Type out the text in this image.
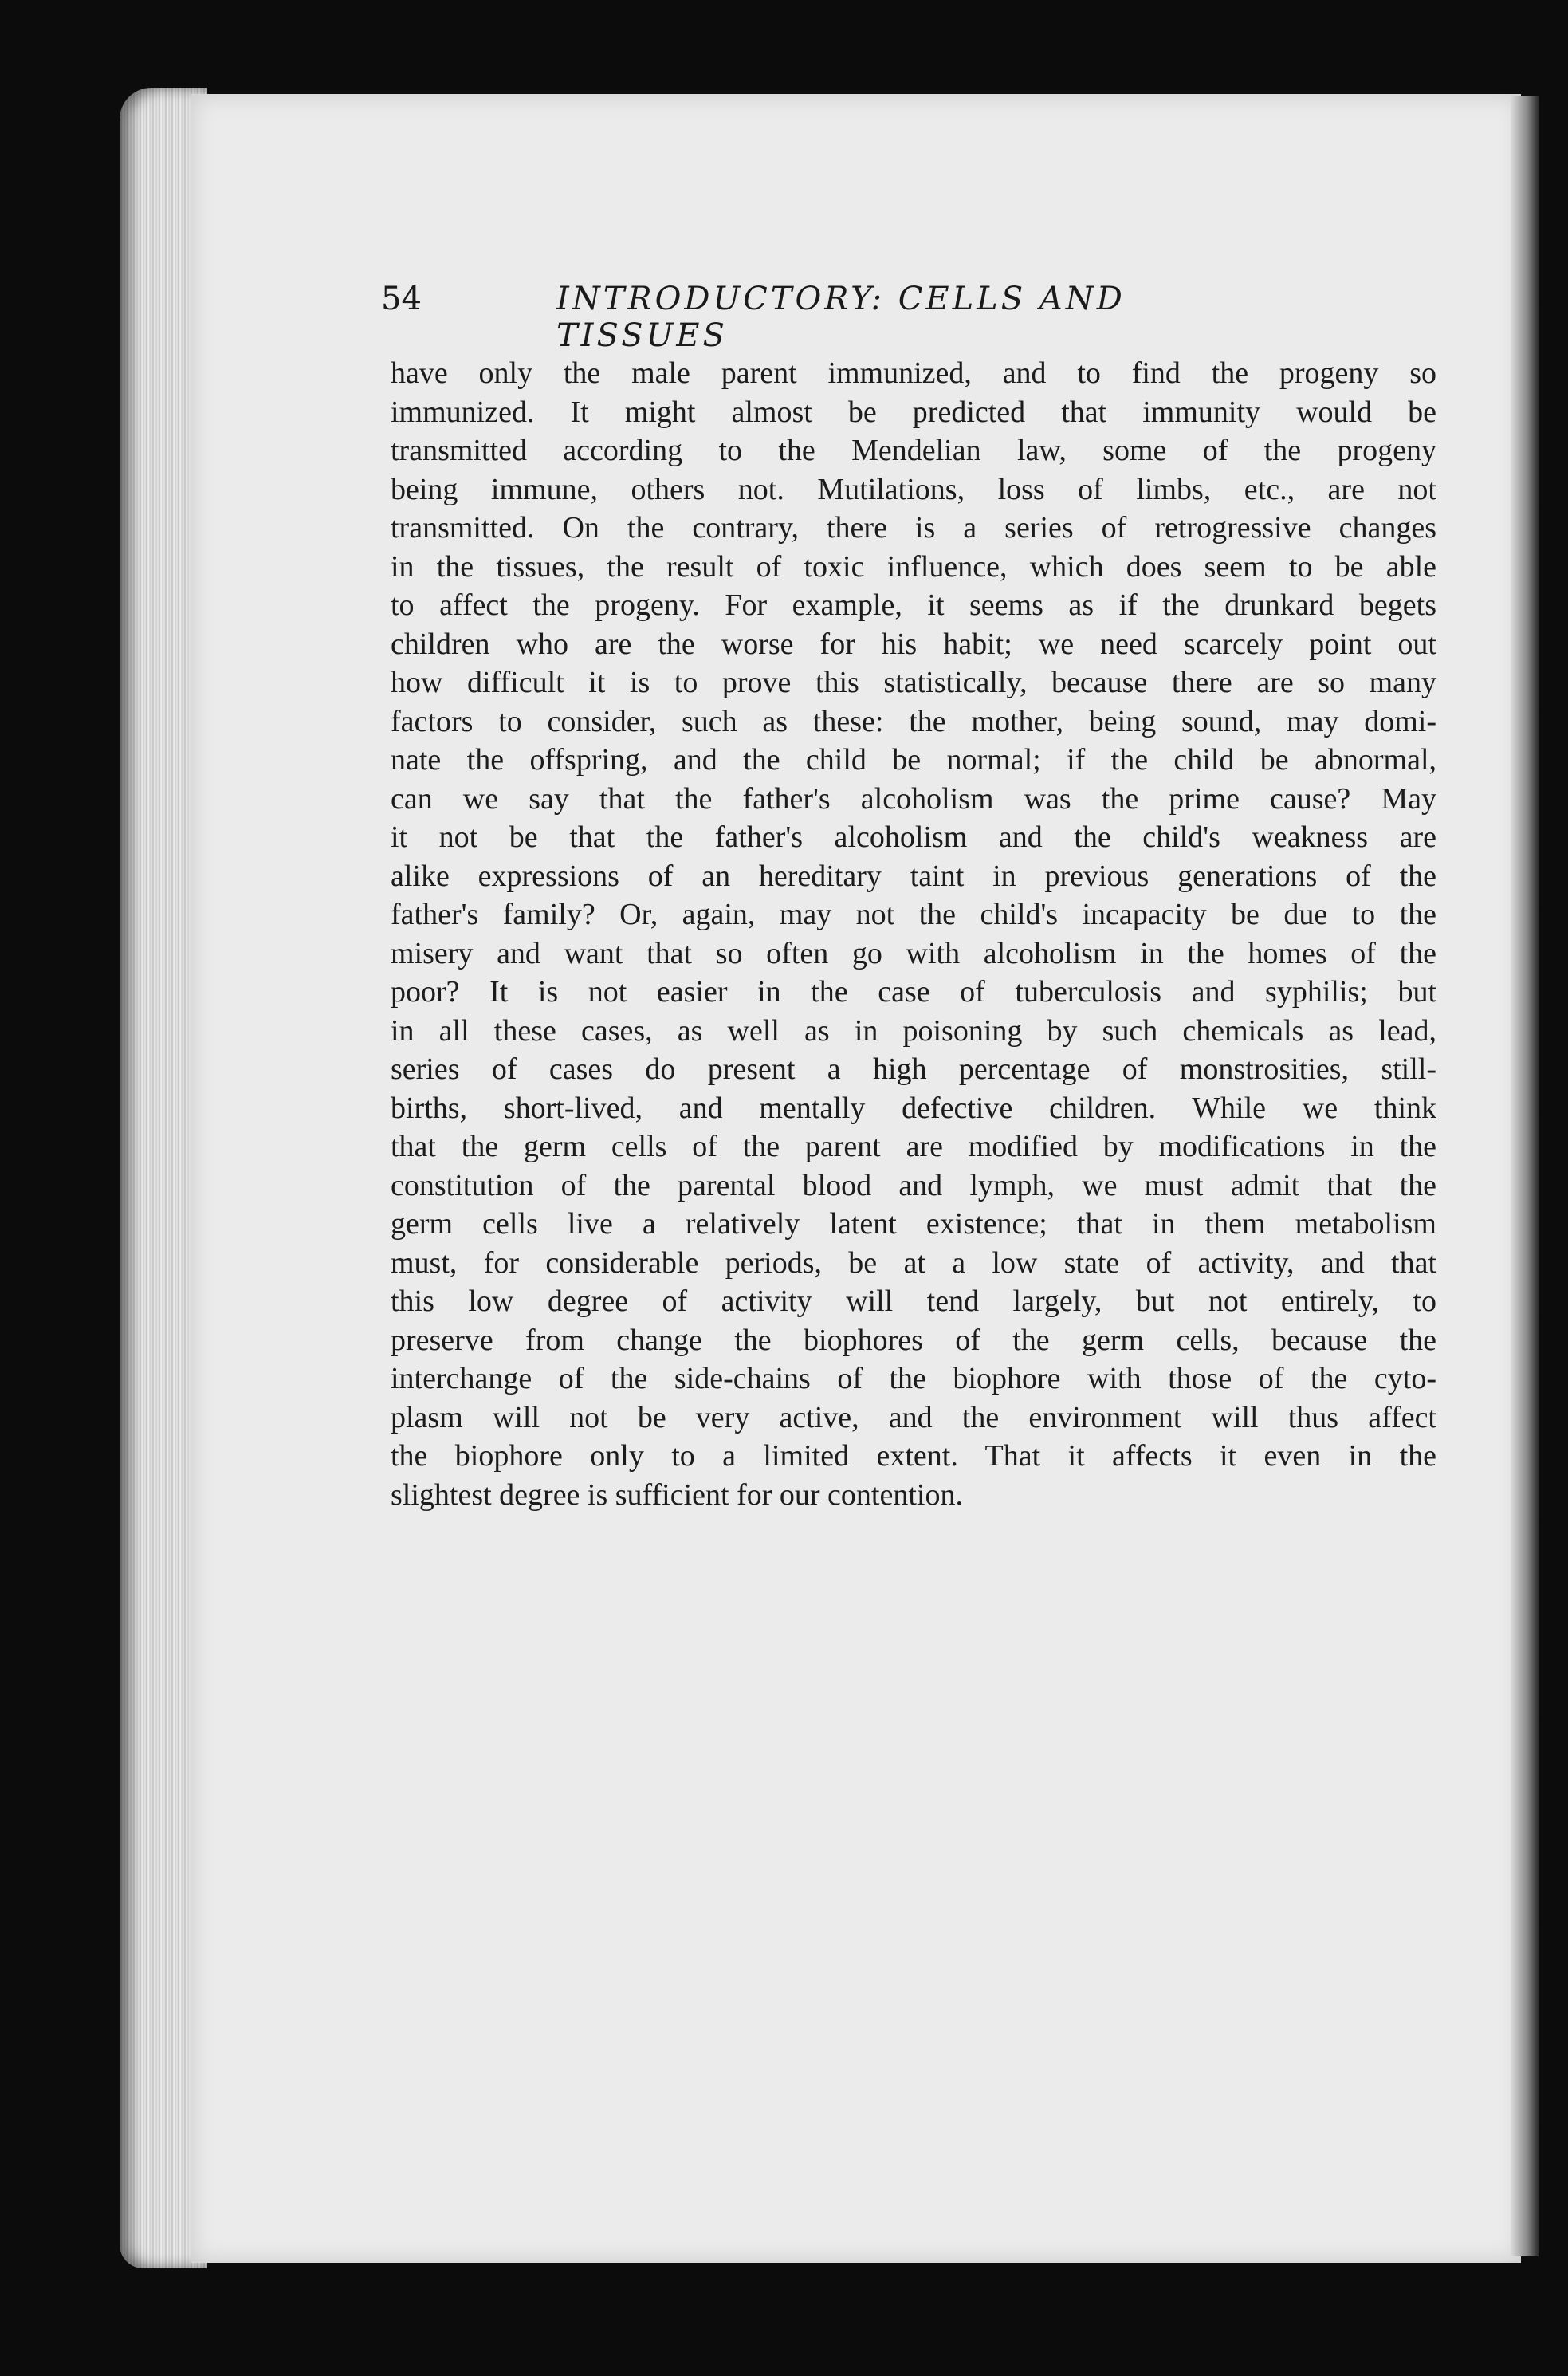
54	INTRODUCTORY: CELLS AND TISSUES
have only the male parent immunized, and to find the progeny so
immunized. It might almost be predicted that immunity would be
transmitted according to the Mendelian law, some of the progeny
being immune, others not. Mutilations, loss of limbs, etc., are not
transmitted. On the contrary, there is a series of retrogressive changes
in the tissues, the result of toxic influence, which does seem to be able
to affect the progeny. For example, it seems as if the drunkard begets
children who are the worse for his habit; we need scarcely point out
how difficult it is to prove this statistically, because there are so many
factors to consider, such as these: the mother, being sound, may domi-
nate the offspring, and the child be normal; if the child be abnormal,
can we say that the father's alcoholism was the prime cause? May
it not be that the father's alcoholism and the child's weakness are
alike expressions of an hereditary taint in previous generations of the
father's family? Or, again, may not the child's incapacity be due to the
misery and want that so often go with alcoholism in the homes of the
poor? It is not easier in the case of tuberculosis and syphilis; but
in all these cases, as well as in poisoning by such chemicals as lead,
series of cases do present a high percentage of monstrosities, still-
births, short-lived, and mentally defective children. While we think
that the germ cells of the parent are modified by modifications in the
constitution of the parental blood and lymph, we must admit that the
germ cells live a relatively latent existence; that in them metabolism
must, for considerable periods, be at a low state of activity, and that
this low degree of activity will tend largely, but not entirely, to
preserve from change the biophores of the germ cells, because the
interchange of the side-chains of the biophore with those of the cyto-
plasm will not be very active, and the environment will thus affect
the biophore only to a limited extent. That it affects it even in the
slightest degree is sufficient for our contention.
